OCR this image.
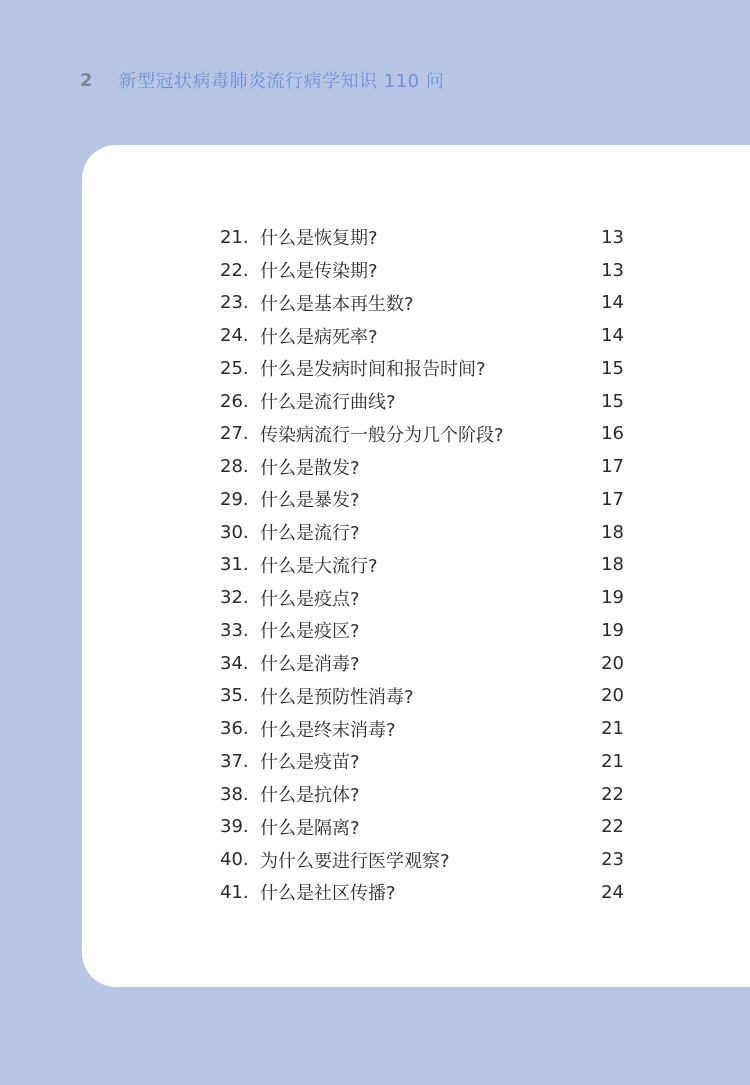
2 新型冠状病毒肺炎流行病学知识 110 问
21. 什么是恢复期?	13
22. 什么是传染期?	13
23. 什么是基本再生数?	14
24. 什么是病死率?	14
25. 什么是发病时间和报告时间?	15
26. 什么是流行曲线?	15
27. 传染病流行一般分为几个阶段?	16
28. 什么是散发?	17
29. 什么是暴发?	17
30. 什么是流行?	18
31. 什么是大流行?	18
32. 什么是疫点?	19
33. 什么是疫区?	19
34. 什么是消毒?	20
35. 什么是预防性消毒?	20
36. 什么是终末消毒?	21
37. 什么是疫苗?	21
38. 什么是抗体?	22
39. 什么是隔离?	22
40. 为什么要进行医学观察?	23
41. 什么是社区传播?	24
